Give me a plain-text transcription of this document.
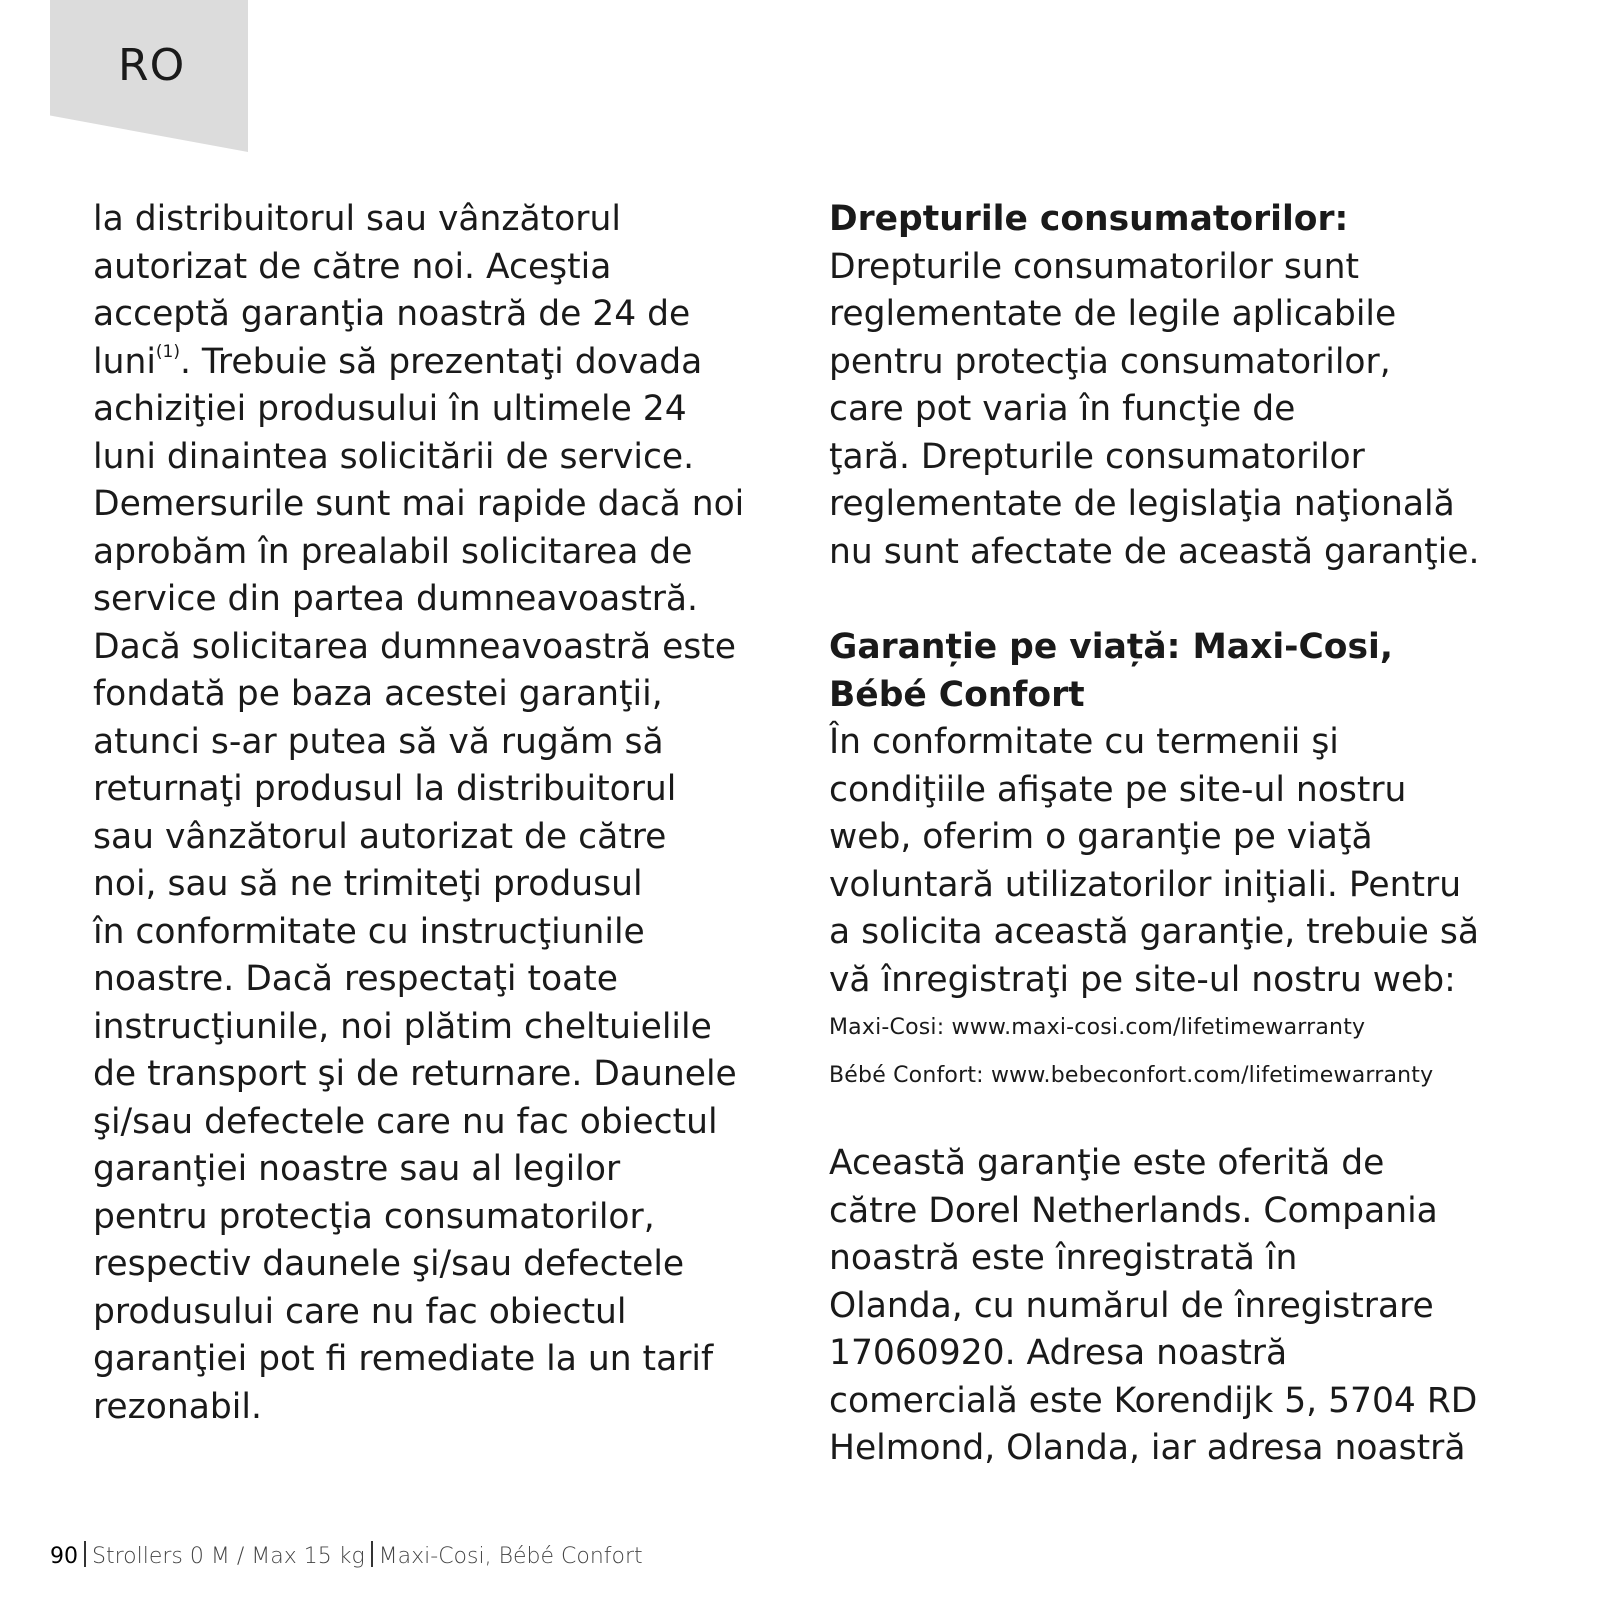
RO
la distribuitorul sau vânzătorul
autorizat de către noi. Aceştia
acceptă garanţia noastră de 24 de
luni$^{(1)}$. Trebuie să prezentaţi dovada
achiziţiei produsului în ultimele 24
luni dinaintea solicitării de service.
Demersurile sunt mai rapide dacă noi
aprobăm în prealabil solicitarea de
service din partea dumneavoastră.
Dacă solicitarea dumneavoastră este
fondată pe baza acestei garanţii,
atunci s-ar putea să vă rugăm să
returnaţi produsul la distribuitorul
sau vânzătorul autorizat de către
noi, sau să ne trimiteţi produsul
în conformitate cu instrucţiunile
noastre. Dacă respectaţi toate
instrucţiunile, noi plătim cheltuielile
de transport şi de returnare. Daunele
şi/sau defectele care nu fac obiectul
garanţiei noastre sau al legilor
pentru protecţia consumatorilor,
respectiv daunele şi/sau defectele
produsului care nu fac obiectul
garanţiei pot fi remediate la un tarif
rezonabil.
Drepturile consumatorilor:
Drepturile consumatorilor sunt
reglementate de legile aplicabile
pentru protecţia consumatorilor,
care pot varia în funcţie de
ţară. Drepturile consumatorilor
reglementate de legislaţia naţională
nu sunt afectate de această garanţie.
Garanție pe viață: Maxi-Cosi,
Bébé Confort
În conformitate cu termenii şi
condiţiile afişate pe site-ul nostru
web, oferim o garanţie pe viaţă
voluntară utilizatorilor iniţiali. Pentru
a solicita această garanţie, trebuie să
vă înregistraţi pe site-ul nostru web:
Maxi-Cosi: www.maxi-cosi.com/lifetimewarranty
Bébé Confort: www.bebeconfort.com/lifetimewarranty
Această garanţie este oferită de
către Dorel Netherlands. Compania
noastră este înregistrată în
Olanda, cu numărul de înregistrare
17060920. Adresa noastră
comercială este Korendijk 5, 5704 RD
Helmond, Olanda, iar adresa noastră
90 Strollers 0 M / Max 15 kg Maxi-Cosi, Bébé Confort
